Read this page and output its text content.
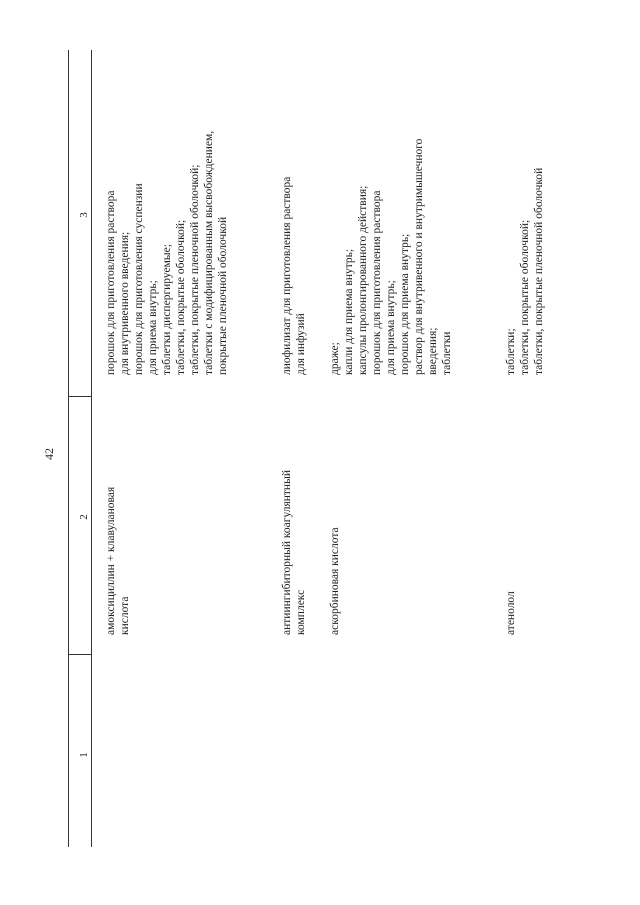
42
1
2
3
амоксициллин + клавулановая кислота
порошок для приготовления раствора для внутривенного введения; порошок для приготовления суспензии для приема внутрь; таблетки диспергируемые; таблетки, покрытые оболочкой; таблетки, покрытые пленочной оболочкой; таблетки с модифицированным высвобождением, покрытые пленочной оболочкой
антиингибиторный коагулянтный комплекс
лиофилизат для приготовления раствора для инфузий
аскорбиновая кислота
драже; капли для приема внутрь; капсулы пролонгированного действия; порошок для приготовления раствора для приема внутрь; порошок для приема внутрь; раствор для внутривенного и внутримышечного введения; таблетки
атенолол
таблетки; таблетки, покрытые оболочкой; таблетки, покрытые пленочной оболочкой
